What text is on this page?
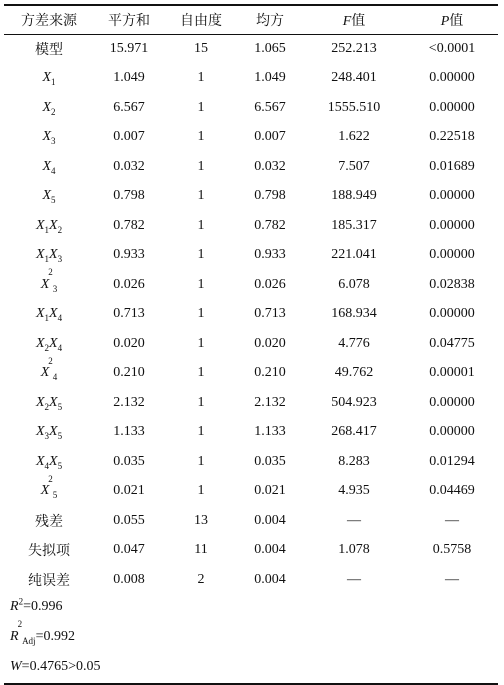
方差来源	平方和	自由度	均方	F值	P值
模型	15.971	15	1.065	252.213	<0.0001
$X_1$	1.049	1	1.049	248.401	0.00000
$X_2$	6.567	1	6.567	1555.510	0.00000
$X_3$	0.007	1	0.007	1.622	0.22518
$X_4$	0.032	1	0.032	7.507	0.01689
$X_5$	0.798	1	0.798	188.949	0.00000
$X_1X_2$	0.782	1	0.782	185.317	0.00000
$X_1X_3$	0.933	1	0.933	221.041	0.00000
$X^2_3$	0.026	1	0.026	6.078	0.02838
$X_1X_4$	0.713	1	0.713	168.934	0.00000
$X_2X_4$	0.020	1	0.020	4.776	0.04775
$X^2_4$	0.210	1	0.210	49.762	0.00001
$X_2X_5$	2.132	1	2.132	504.923	0.00000
$X_3X_5$	1.133	1	1.133	268.417	0.00000
$X_4X_5$	0.035	1	0.035	8.283	0.01294
$X^2_5$	0.021	1	0.021	4.935	0.04469
残差	0.055	13	0.004	—	—
失拟项	0.047	11	0.004	1.078	0.5758
纯误差	0.008	2	0.004	—	—
$R^2=0.996$
$R^2_{Adj}=0.992$
W=0.4765>0.05
